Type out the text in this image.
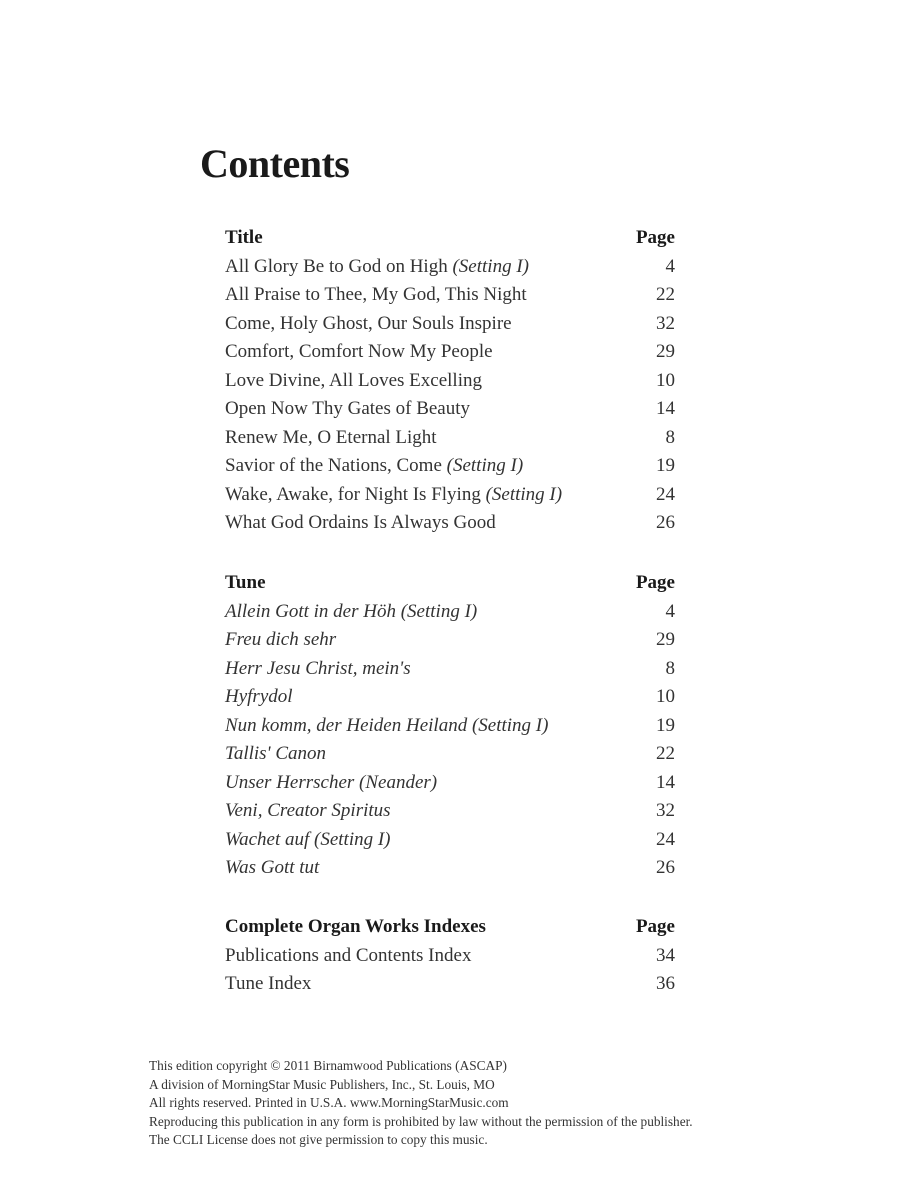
Contents
Title	Page
All Glory Be to God on High (Setting I)	4
All Praise to Thee, My God, This Night	22
Come, Holy Ghost, Our Souls Inspire	32
Comfort, Comfort Now My People	29
Love Divine, All Loves Excelling	10
Open Now Thy Gates of Beauty	14
Renew Me, O Eternal Light	8
Savior of the Nations, Come (Setting I)	19
Wake, Awake, for Night Is Flying (Setting I)	24
What God Ordains Is Always Good	26
Tune	Page
Allein Gott in der Höh (Setting I)	4
Freu dich sehr	29
Herr Jesu Christ, mein's	8
Hyfrydol	10
Nun komm, der Heiden Heiland (Setting I)	19
Tallis' Canon	22
Unser Herrscher (Neander)	14
Veni, Creator Spiritus	32
Wachet auf (Setting I)	24
Was Gott tut	26
Complete Organ Works Indexes	Page
Publications and Contents Index	34
Tune Index	36
This edition copyright © 2011 Birnamwood Publications (ASCAP)
A division of MorningStar Music Publishers, Inc., St. Louis, MO
All rights reserved. Printed in U.S.A. www.MorningStarMusic.com
Reproducing this publication in any form is prohibited by law without the permission of the publisher.
The CCLI License does not give permission to copy this music.
